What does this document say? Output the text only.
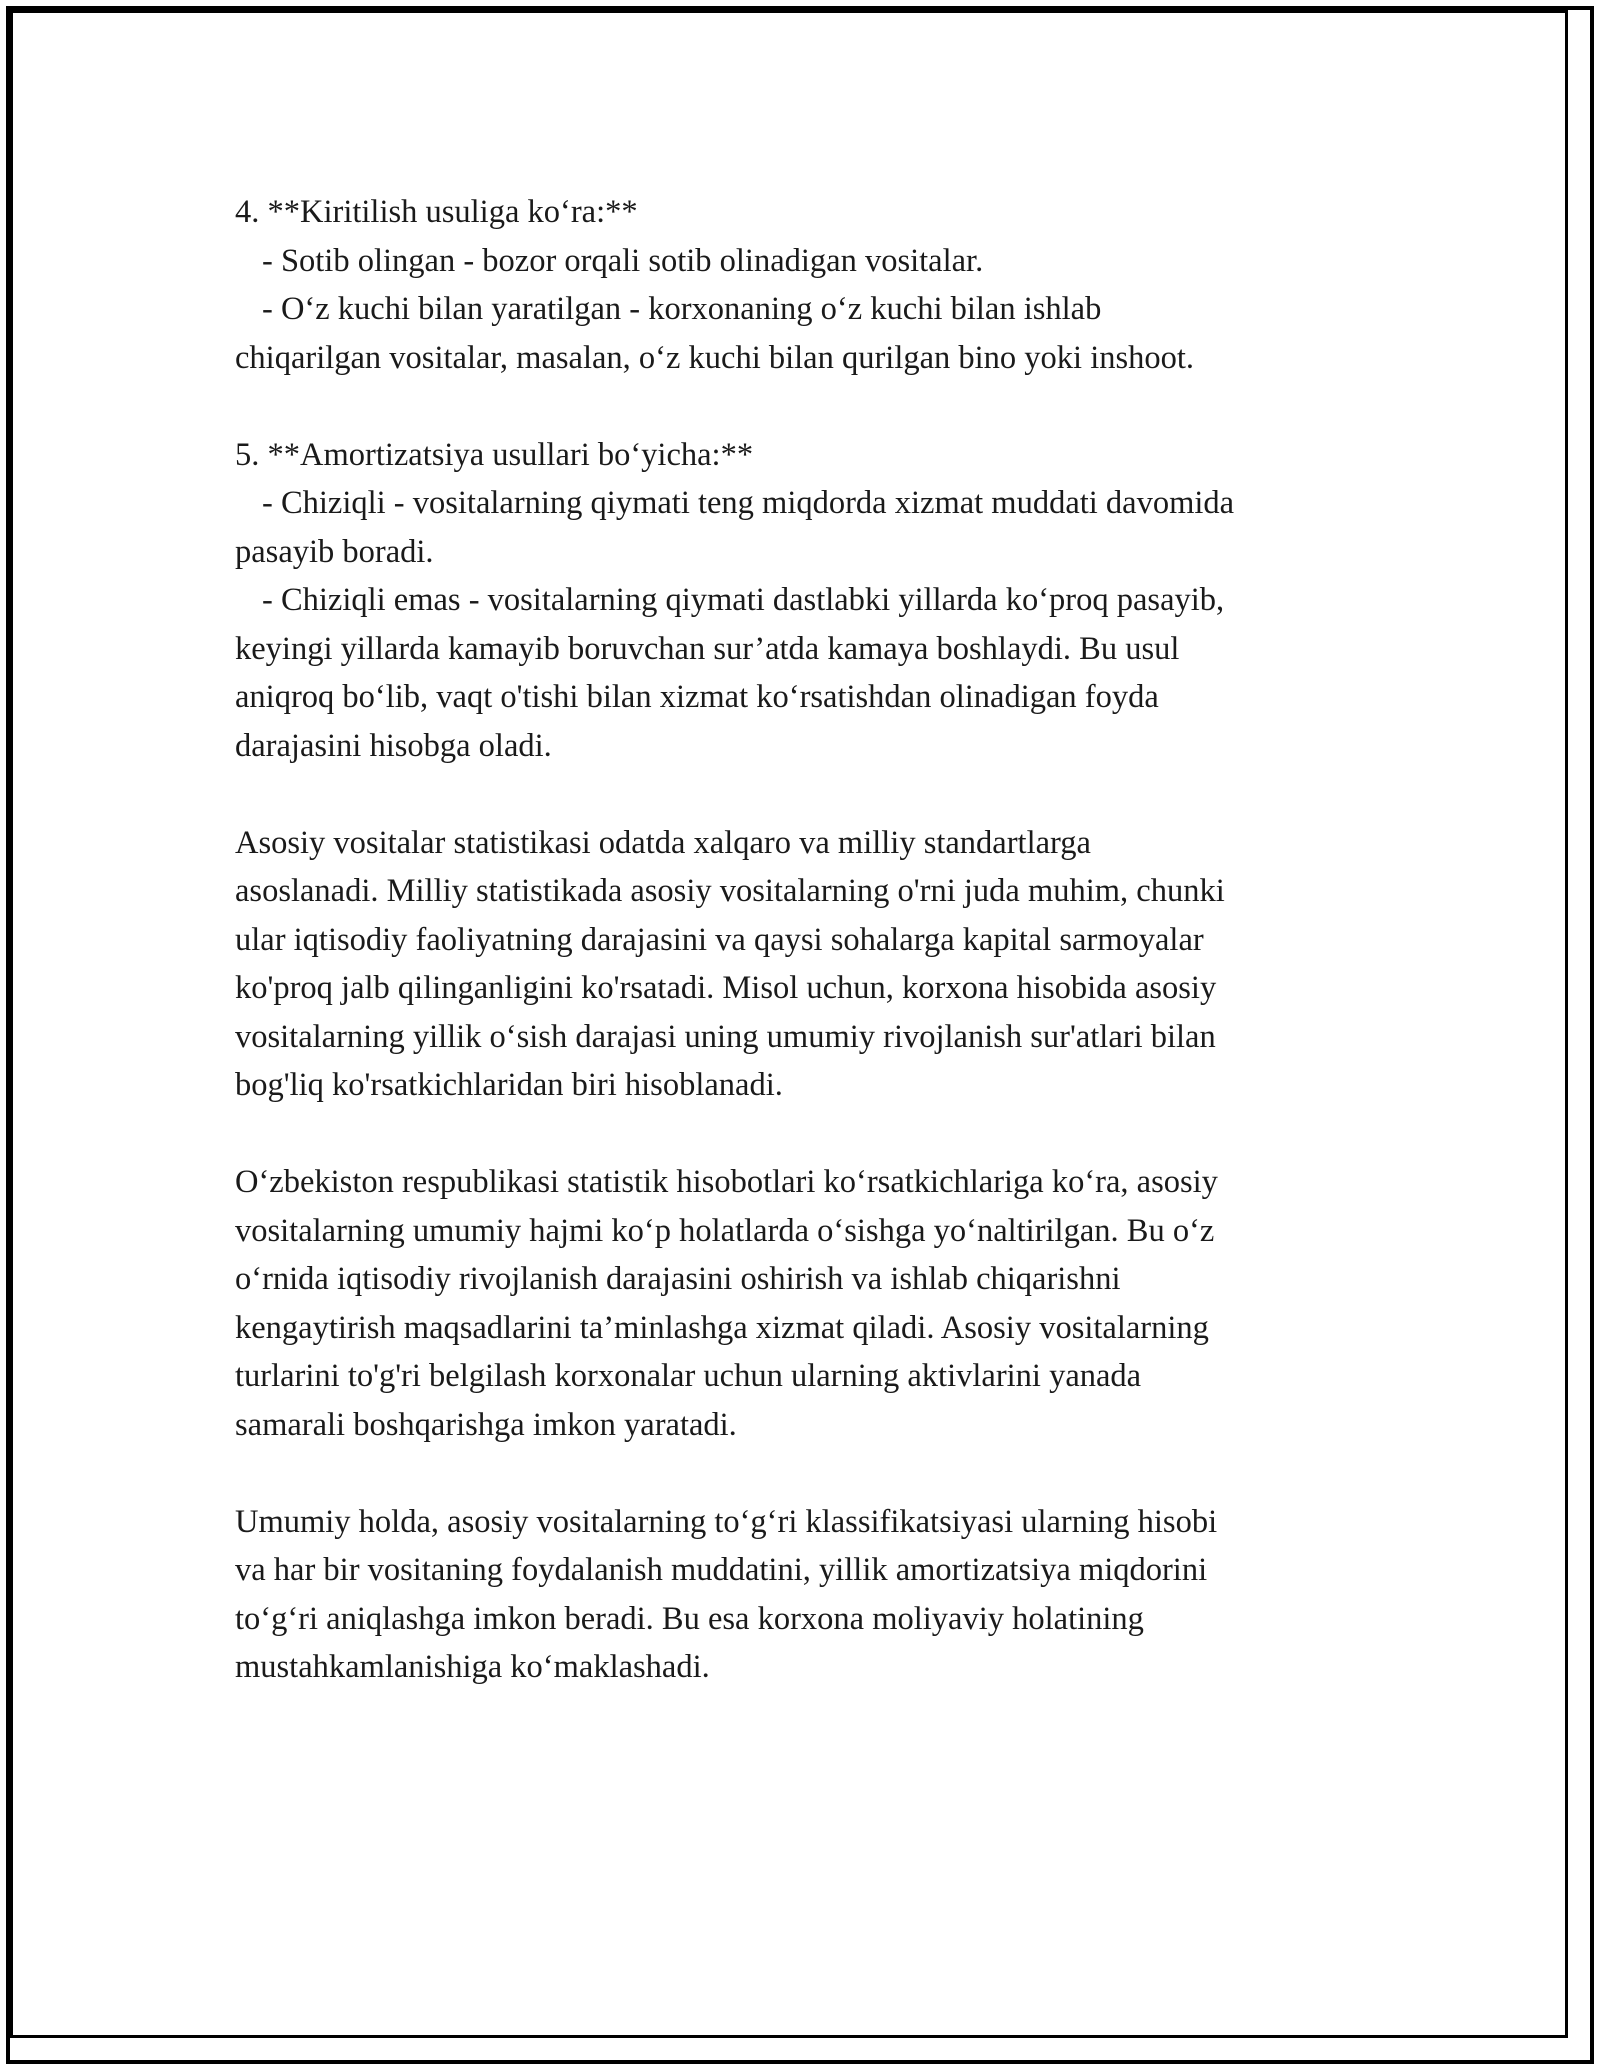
4. **Kiritilish usuliga ko‘ra:**
- Sotib olingan - bozor orqali sotib olinadigan vositalar.
- O‘z kuchi bilan yaratilgan - korxonaning o‘z kuchi bilan ishlab
chiqarilgan vositalar, masalan, o‘z kuchi bilan qurilgan bino yoki inshoot.
5. **Amortizatsiya usullari bo‘yicha:**
- Chiziqli - vositalarning qiymati teng miqdorda xizmat muddati davomida
pasayib boradi.
- Chiziqli emas - vositalarning qiymati dastlabki yillarda ko‘proq pasayib,
keyingi yillarda kamayib boruvchan sur’atda kamaya boshlaydi. Bu usul
aniqroq bo‘lib, vaqt o'tishi bilan xizmat ko‘rsatishdan olinadigan foyda
darajasini hisobga oladi.
Asosiy vositalar statistikasi odatda xalqaro va milliy standartlarga
asoslanadi. Milliy statistikada asosiy vositalarning o'rni juda muhim, chunki
ular iqtisodiy faoliyatning darajasini va qaysi sohalarga kapital sarmoyalar
ko'proq jalb qilinganligini ko'rsatadi. Misol uchun, korxona hisobida asosiy
vositalarning yillik o‘sish darajasi uning umumiy rivojlanish sur'atlari bilan
bog'liq ko'rsatkichlaridan biri hisoblanadi.
O‘zbekiston respublikasi statistik hisobotlari ko‘rsatkichlariga ko‘ra, asosiy
vositalarning umumiy hajmi ko‘p holatlarda o‘sishga yo‘naltirilgan. Bu o‘z
o‘rnida iqtisodiy rivojlanish darajasini oshirish va ishlab chiqarishni
kengaytirish maqsadlarini ta’minlashga xizmat qiladi. Asosiy vositalarning
turlarini to'g'ri belgilash korxonalar uchun ularning aktivlarini yanada
samarali boshqarishga imkon yaratadi.
Umumiy holda, asosiy vositalarning to‘g‘ri klassifikatsiyasi ularning hisobi
va har bir vositaning foydalanish muddatini, yillik amortizatsiya miqdorini
to‘g‘ri aniqlashga imkon beradi. Bu esa korxona moliyaviy holatining
mustahkamlanishiga ko‘maklashadi.
